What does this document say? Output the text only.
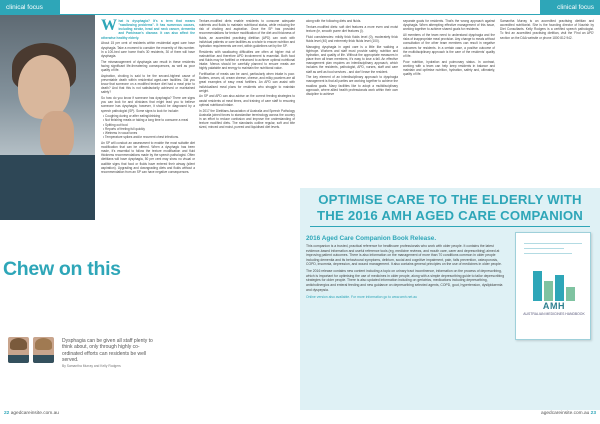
clinical focus
Chew on this

What is dysphagia? It's a term that means "swallowing problems". It has numerous causes, including stroke, head and neck cancer, dementia and Parkinson's disease. It can also affect the otherwise healthy elderly.

About 15 per cent of residents within residential aged care have dysphagia. Take a moment to consider the enormity of this number. In a 100-bed care home that's 30 residents, 30 of them will have dysphagia.

The mismanagement of dysphagia can result in these residents facing significant life-threatening consequences, as well as poor quality of life.

Aspiration, choking is said to be the second-highest cause of preventable death within residential aged-care facilities. Did you know that someone on a modified texture diet had a meal prior to death? And that this is not satisfactorily achieved or maintained safely?

So how do you know if someone has dysphagia? There are signs you can look for and clinicians that might lead you to believe someone has dysphagia; however, it should be diagnosed by a speech pathologist (SP). Some signs to look for include:

• Coughing during or after eating/drinking
• Not finishing meals or taking a long time to consume a meal
• Spitting out food
• Reports of feeling full quickly
• Wetness in vocal tones
• Temperature spikes and/or recurrent chest infections.

An SP will conduct an assessment to enable the most suitable diet modification that can be offered. When a dysphagic has been made, it's essential to follow the texture modification and fluid thickness recommendations made by the speech pathologist. Often dietitians will have dysphagia, 50 per cent may show no visual or audible signs that food or fluids have entered their airway (silent aspiration). Upgrading and downgrading diets and fluids without a recommendation from an SP can have negative consequences.

Texture-modified diets enable residents to consume adequate nutrients and fluids to maintain nutritional status, while reducing the risk of choking and aspiration. Once the SP has provided recommendations for texture modification of the diet and thickness of fluids, an accredited practising dietitian (APD) can work with individual patients or care facilities as a whole to ensure nutrition and hydration requirements are met, within guidelines set by the SP.

Residents with swallowing difficulties are often at higher risk of malnutrition and therefore APD involvement is essential. Both food and fluids may be fortified or enhanced to achieve optimal nutritional intake. Menus should be carefully planned to ensure meals are highly palatable and energy to maintain the nutritional value.

Fortification of meals can be used, particularly when intake is poor. Butters, cream, oil, cream cheese, cheese, and milky powders are all great examples of easy meal fortifiers. An APD can assist with individualised meal plans for residents who struggle to maintain weight.

An SP and APD can also advise on the correct feeding strategies to assist residents at meal times, and training of care staff to ensuring optimal nutritional intake.

In 2017 the Dietitians Association of Australia and Speech Pathology Australia joined forces to standardise terminology across the country in an effort to reduce confusion and improve the understanding of texture modified diets. The standards outline regular, soft and bite sized, minced and moist, pureed and liquidised diet levels.

Dysphagia can be given all staff plenty to think about, only through highly co-ordinated efforts can residents be well served.
By Samantha Murray and Kelly Rodgers
22 agedcareinsite.com.au
clinical focus

along with the following diets and fluids.

Texture-modified diets: soft diet features a more even and moist texture (ie, smooth puree diet features (i).

Fluid consistencies: mildly thick fluids level (0), moderately thick fluids level (40) and extremely thick fluids level (100).

Managing dysphagia in aged care is a little like walking a tightrope. Workers and staff must provide safety, nutrition and hydration, and quality of life. Without the appropriate measures in place from all team members, it's easy to lose a fall. An effective management plan requires an interdisciplinary approach, which includes the residents, pathologist, APD, nurses, staff and care staff as well as food services - and don't leave the resident.

The key element of an interdisciplinary approach to dysphagia management is that all parties are working together to achieve the swallow goals. Many facilities like to adopt a multidisciplinary approach, where allied health professionals work within their own discipline to achieve

separate goals for residents. That's the wrong approach against dysphagia. When attempting effective management of this issue, working together to achieve shared goals for residents.

All members of the team need to understand dysphagia and the risks of inappropriate meal provision. Any change to meals without consultation of the other team members can result in negative outcomes for residents. In a certain case, a positive outcome of the multidisciplinary approach is the care of the residents' quality of life.

Poor nutrition, hydration and pulmonary status. In contrast, working with a team can help keep residents in balance and maintain and optimise nutrition, hydration, safety and, ultimately, quality of life.

Samantha Murray is an accredited practising dietitian and accredited nutritionist. She is the founding director of Nourish by Diet Consultants. Kelly Rodgers is a certified speech pathologist. To find an accredited practising dietitian, visit the 'Find an APD' section on the DAA website or phone 1800 812 942.

OPTIMISE CARE TO THE ELDERLY WITH THE 2016 AMH AGED CARE COMPANION
2016 Aged Care Companion Book Release.

This companion is a trusted, practical reference for healthcare professionals who work with older people. It contains the latest evidence-based information and useful reference tools (eg, medicine reviews, and mouth care, carer and deprescribing) aimed at improving patient outcomes. There is also information on the management of more than 70 conditions common in older people including dementia and its behavioural symptoms, delirium, social and cognitive impairment, pain, falls prevention, osteoporosis, COPD, insomnia, depression, and wound management. It also contains general principles on the use of medicines in older people.

The 2016 release contains new content including a topic on urinary tract incontinence, information on the process of deprescribing, which is important for optimising the use of medicines in older people, along with a simple deprescribing guide to tailor deprescribing strategies for older people. There is also updated information including on geriatrics, medications including deprescribing, anticholinergics and enteral feeding and new guidance on deprescribing selected agents, COPD, gout, hypertension, dyslipidaemia and dyspepsia.

Online version also available. For more information go to www.amh.net.au

AMH
AUSTRALIAN MEDICINES HANDBOOK
agedcareinsite.com.au 23
